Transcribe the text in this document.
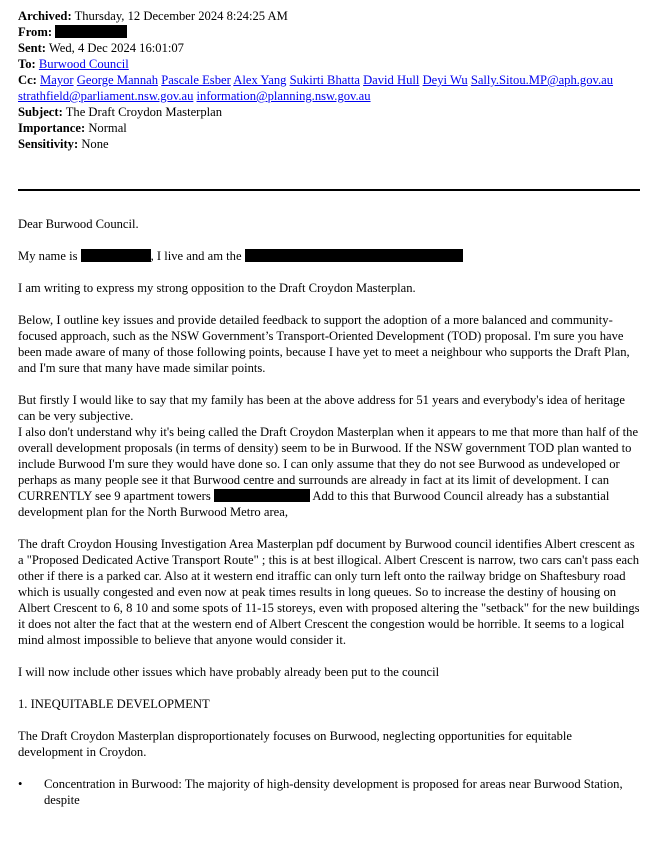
Archived: Thursday, 12 December 2024 8:24:25 AM
From:
Sent: Wed, 4 Dec 2024 16:01:07
To: Burwood Council
Cc: Mayor George Mannah Pascale Esber Alex Yang Sukirti Bhatta David Hull Deyi Wu Sally.Sitou.MP@aph.gov.au
strathfield@parliament.nsw.gov.au information@planning.nsw.gov.au
Subject: The Draft Croydon Masterplan
Importance: Normal
Sensitivity: None

Dear Burwood Council.

My name is	, I live and am the

I am writing to express my strong opposition to the Draft Croydon Masterplan.

Below, I outline key issues and provide detailed feedback to support the adoption of a more balanced and community-focused approach, such as the NSW Government’s Transport-Oriented Development (TOD) proposal. I'm sure you have been made aware of many of those following points, because I have yet to meet a neighbour who supports the Draft Plan, and I'm sure that many have made similar points.

But firstly I would like to say that my family has been at the above address for 51 years and everybody's idea of heritage can be very subjective.

I also don't understand why it's being called the Draft Croydon Masterplan when it appears to me that more than half of the overall development proposals (in terms of density) seem to be in Burwood. If the NSW government TOD plan wanted to include Burwood I'm sure they would have done so. I can only assume that they do not see Burwood as undeveloped or perhaps as many people see it that Burwood centre and surrounds are already in fact at its limit of development. I can CURRENTLY see 9 apartment towers	Add to this that Burwood Council already has a substantial development plan for the North Burwood Metro area,

The draft Croydon Housing Investigation Area Masterplan pdf document by Burwood council identifies Albert crescent as a "Proposed Dedicated Active Transport Route" ; this is at best illogical. Albert Crescent is narrow, two cars can't pass each other if there is a parked car. Also at it western end itraffic can only turn left onto the railway bridge on Shaftesbury road which is usually congested and even now at peak times results in long queues. So to increase the destiny of housing on Albert Crescent to 6, 8 10 and some spots of 11-15 storeys, even with proposed altering the "setback" for the new buildings it does not alter the fact that at the western end of Albert Crescent the congestion would be horrible. It seems to a logical mind almost impossible to believe that anyone would consider it.

I will now include other issues which have probably already been put to the council

1. INEQUITABLE DEVELOPMENT

The Draft Croydon Masterplan disproportionately focuses on Burwood, neglecting opportunities for equitable development in Croydon.

•	Concentration in Burwood: The majority of high-density development is proposed for areas near Burwood Station, despite
